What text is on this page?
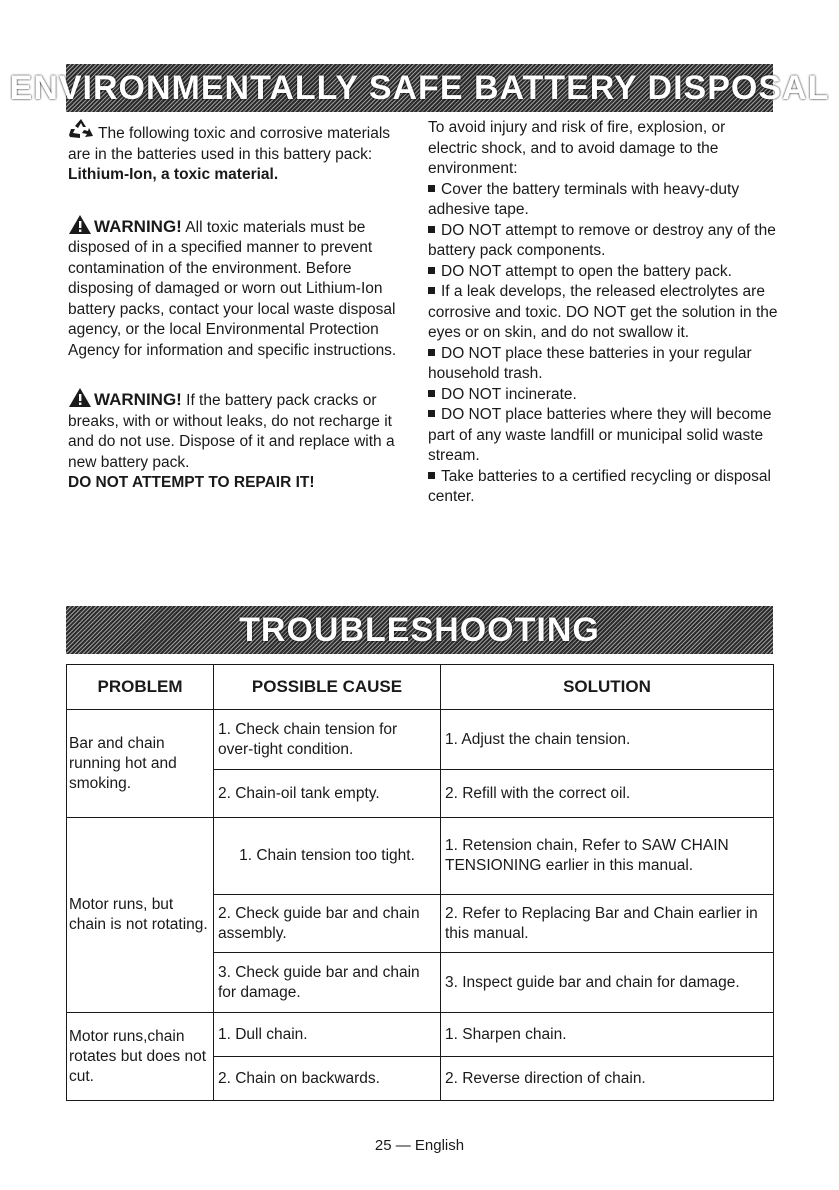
ENVIRONMENTALLY SAFE BATTERY DISPOSAL

The following toxic and corrosive materials are in the batteries used in this battery pack:

Lithium-Ion, a toxic material.

WARNING! All toxic materials must be disposed of in a specified manner to prevent contamination of the environment. Before disposing of damaged or worn out Lithium-Ion battery packs, contact your local waste disposal agency, or the local Environmental Protection Agency for information and specific instructions.

WARNING! If the battery pack cracks or breaks, with or without leaks, do not recharge it and do not use. Dispose of it and replace with a new battery pack.

DO NOT ATTEMPT TO REPAIR IT!

To avoid injury and risk of fire, explosion, or electric shock, and to avoid damage to the environment:

Cover the battery terminals with heavy-duty adhesive tape.

DO NOT attempt to remove or destroy any of the battery pack components.

DO NOT attempt to open the battery pack.

If a leak develops, the released electrolytes are corrosive and toxic. DO NOT get the solution in the eyes or on skin, and do not swallow it.

DO NOT place these batteries in your regular household trash.

DO NOT incinerate.

DO NOT place batteries where they will become part of any waste landfill or municipal solid waste stream.

Take batteries to a certified recycling or disposal center.

TROUBLESHOOTING
PROBLEM	POSSIBLE CAUSE	SOLUTION
Bar and chain running hot and smoking.	1. Check chain tension for over-tight condition.	1. Adjust the chain tension.
	2. Chain-oil tank empty.	2. Refill with the correct oil.
Motor runs, but chain is not rotating.	1. Chain tension too tight.	1. Retension chain, Refer to SAW CHAIN TENSIONING earlier in this manual.
	2. Check guide bar and chain assembly.	2. Refer to Replacing Bar and Chain earlier in this manual.
	3. Check guide bar and chain for damage.	3. Inspect guide bar and chain for damage.
Motor runs,chain rotates but does not cut.	1. Dull chain.	1. Sharpen chain.
	2. Chain on backwards.	2. Reverse direction of chain.
25 — English
